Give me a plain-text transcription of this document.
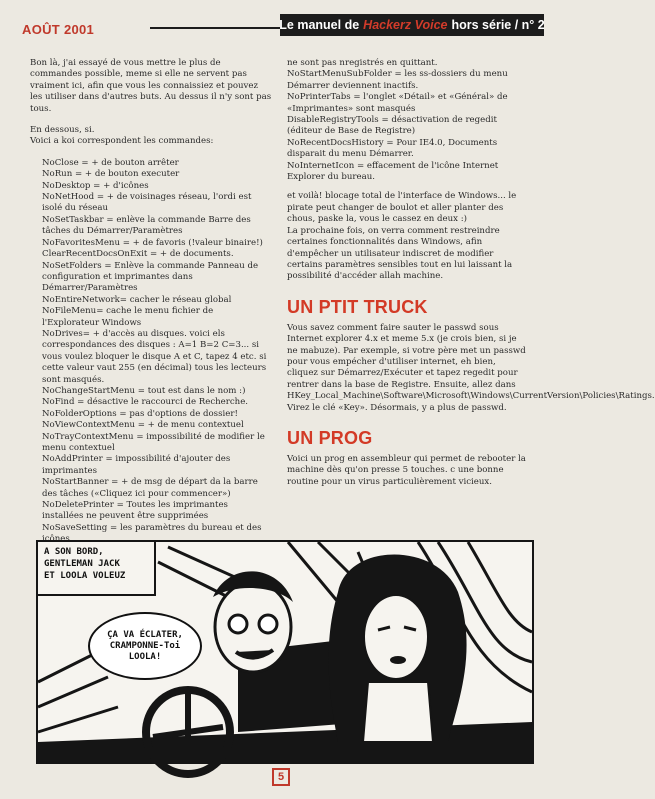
AOÛT 2001	Le manuel de Hackerz Voice hors série / n° 2

Bon là, j'ai essayé de vous mettre le plus de commandes possible, meme si elle ne servent pas vraiment ici, afin que vous les connaissiez et pouvez les utiliser dans d'autres buts. Au dessus il n'y sont pas tous.

En dessous, si.

Voici a koi correspondent les commandes:

NoClose = + de bouton arrêter

NoRun = + de bouton executer

NoDesktop = + d'icônes

NoNetHood = + de voisinages réseau, l'ordi est isolé du réseau

NoSetTaskbar = enlève la commande Barre des tâches du Démarrer/Paramètres

NoFavoritesMenu = + de favoris (!valeur binaire!)

ClearRecentDocsOnExit = + de documents.

NoSetFolders = Enlève la commande Panneau de configuration et imprimantes dans Démarrer/Paramètres

NoEntireNetwork= cacher le réseau global

NoFileMenu= cache le menu fichier de l'Explorateur Windows

NoDrives= + d'accès au disques. voici els correspondances des disques : A=1 B=2 C=3... si vous voulez bloquer le disque A et C, tapez 4 etc. si cette valeur vaut 255 (en décimal) tous les lecteurs sont masqués.

NoChangeStartMenu = tout est dans le nom :)

NoFind = désactive le raccourci de Recherche.

NoFolderOptions = pas d'options de dossier!

NoViewContextMenu = + de menu contextuel

NoTrayContextMenu = impossibilité de modifier le menu contextuel

NoAddPrinter = impossibilité d'ajouter des imprimantes

NoStartBanner = + de msg de départ da la barre des tâches («Cliquez ici pour commencer»)

NoDeletePrinter = Toutes les imprimantes installées ne peuvent être supprimées

NoSaveSetting = les paramètres du bureau et des

ne sont pas nregistrés en quittant.

NoStartMenuSubFolder = les ss-dossiers du menu Démarrer deviennent inactifs.

NoPrinterTabs = l'onglet «Détail» et «Général» de «Imprimantes» sont masqués

DisableRegistryTools = désactivation de regedit (éditeur de Base de Registre)

NoRecentDocsHistory = Pour IE4.0, Documents disparait du menu Démarrer.

NoInternetIcon = effacement de l'icône Internet Explorer du bureau.

et voilà! blocage total de l'interface de Windows... le pirate peut changer de boulot et aller planter des chous, paske la, vous le cassez en deux :)

La prochaine fois, on verra comment restreindre certaines fonctionnalités dans Windows, afin d'empêcher un utilisateur indiscret de modifier certains paramètres sensibles tout en lui laissant la possibilité d'accéder allah machine.

UN PTIT TRUCK

Vous savez comment faire sauter le passwd sous Internet explorer 4.x et meme 5.x (je crois bien, si je ne mabuze). Par exemple, si votre père met un passwd pour vous empécher d'utiliser internet, eh bien, cliquez sur Démarrez/Exécuter et tapez regedit pour rentrer dans la base de Registre. Ensuite, allez dans HKey_Local_Machine\Software\Microsoft\Windows\CurrentVersion\Policies\Ratings. Virez le clé «Key». Désormais, y a plus de passwd.

UN PROG

Voici un prog en assembleur qui permet de rebooter la machine dès qu'on presse 5 touches. c une bonne routine pour un virus particulièrement vicieux.

A SON BORD,
GENTLEMAN JACK
ET LOOLA VOLEUZ
ÇA VA ÉCLATER,
CRAMPONNE-Toi
LOOLA!
5
